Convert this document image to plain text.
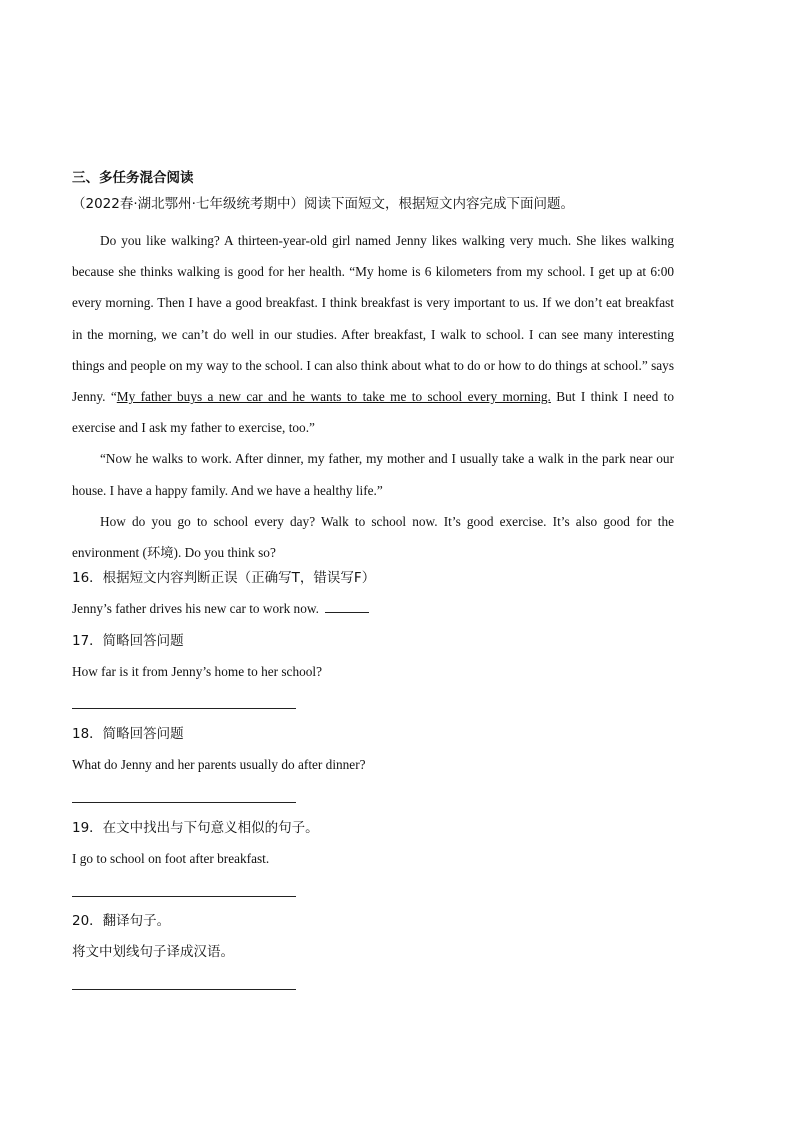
三、多任务混合阅读
（2022春·湖北鄂州·七年级统考期中）阅读下面短文，根据短文内容完成下面问题。

Do you like walking? A thirteen-year-old girl named Jenny likes walking very much. She likes walking because she thinks walking is good for her health. “My home is 6 kilometers from my school. I get up at 6:00 every morning. Then I have a good breakfast. I think breakfast is very important to us. If we don’t eat breakfast in the morning, we can’t do well in our studies. After breakfast, I walk to school. I can see many interesting things and people on my way to the school. I can also think about what to do or how to do things at school.” says Jenny. “My father buys a new car and he wants to take me to school every morning. But I think I need to exercise and I ask my father to exercise, too.”

“Now he walks to work. After dinner, my father, my mother and I usually take a walk in the park near our house. I have a happy family. And we have a healthy life.”

How do you go to school every day? Walk to school now. It’s good exercise. It’s also good for the environment (环境). Do you think so?

16．根据短文内容判断正误（正确写T，错误写F）
Jenny’s father drives his new car to work now.
17．简略回答问题
How far is it from Jenny’s home to her school?
18．简略回答问题
What do Jenny and her parents usually do after dinner?
19．在文中找出与下句意义相似的句子。
I go to school on foot after breakfast.
20．翻译句子。
将文中划线句子译成汉语。
